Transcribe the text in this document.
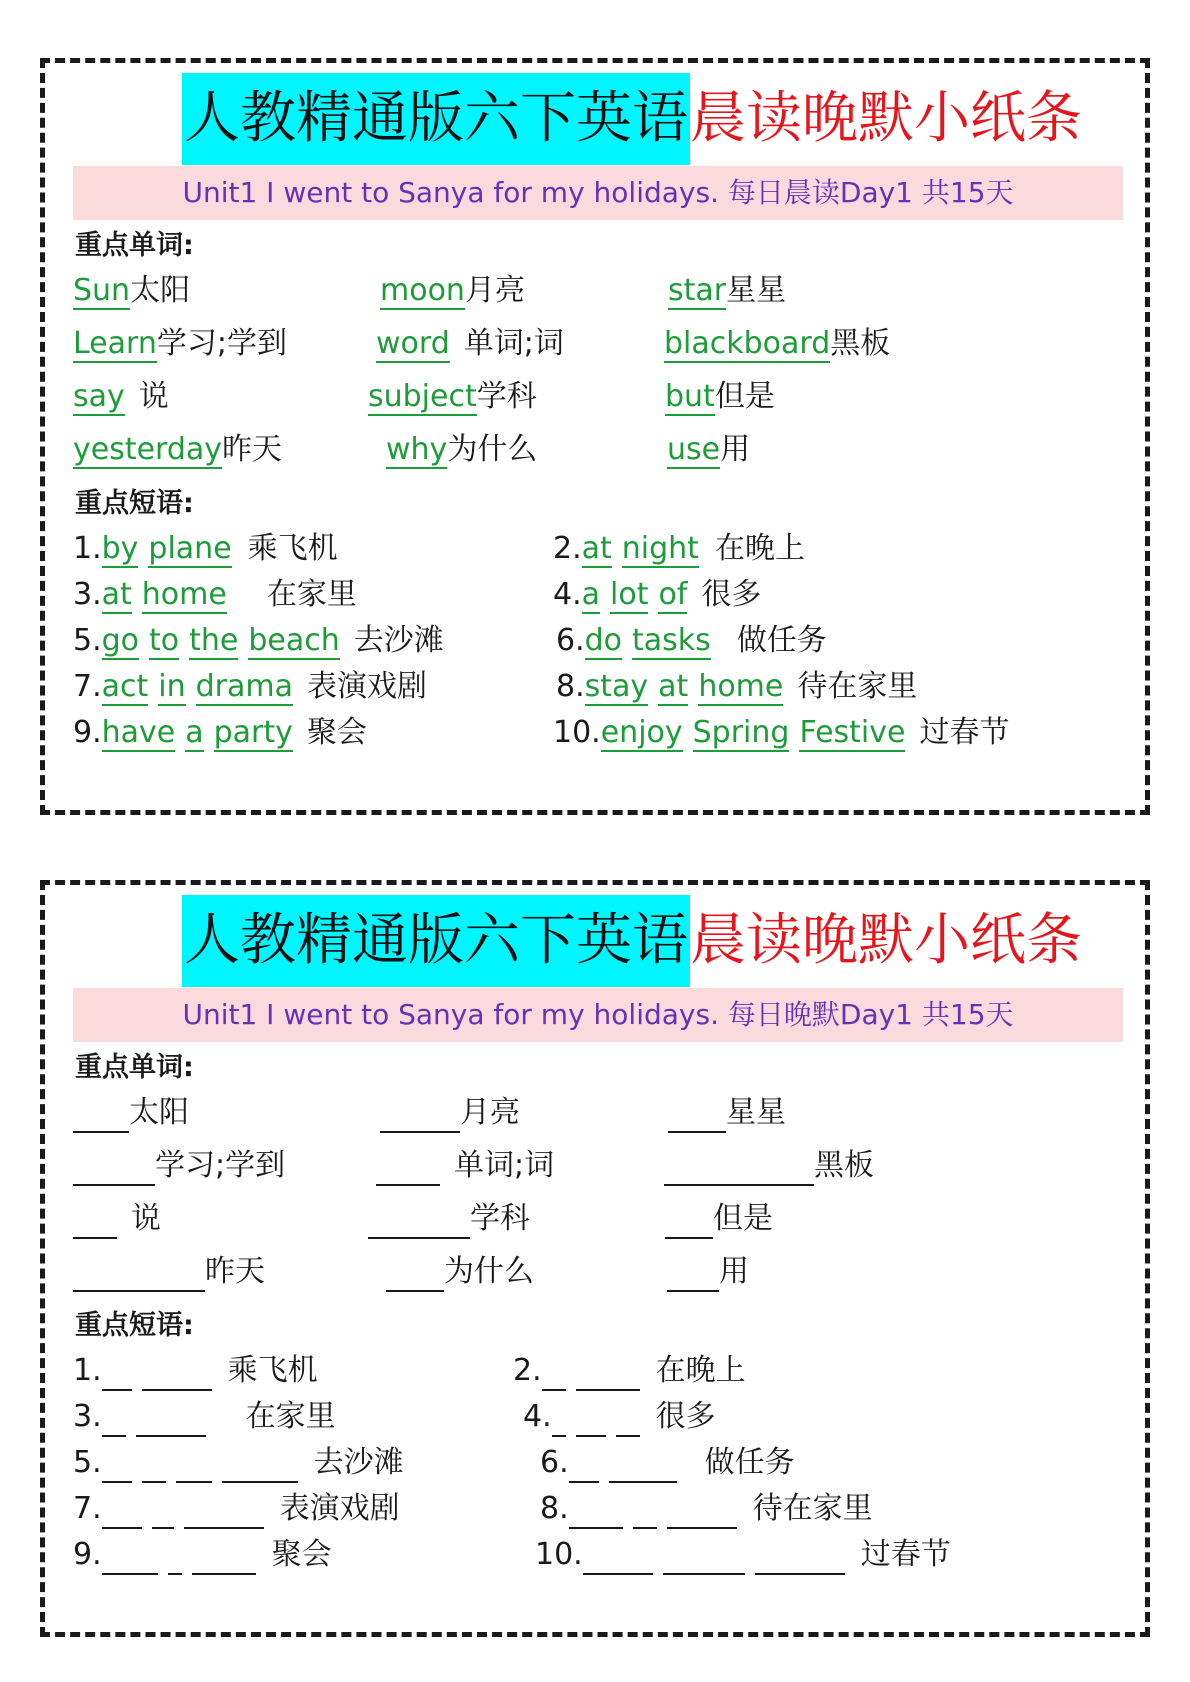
人教精通版六下英语 晨读晚默小纸条
Unit1 I went to Sanya for my holidays. 每日晨读Day1 共15天
重点单词:
Sun太阳	moon月亮	star星星
Learn学习;学到	word 单词;词	blackboard黑板
say 说	subject学科	but但是
yesterday昨天	why为什么	use用
重点短语:
1.by plane 乘飞机	2.at night 在晚上
3.at home 在家里	4.a lot of 很多
5.go to the beach 去沙滩	6.do tasks 做任务
7.act in drama 表演戏剧	8.stay at home 待在家里
9.have a party 聚会	10.enjoy Spring Festive 过春节
人教精通版六下英语 晨读晚默小纸条
Unit1 I went to Sanya for my holidays. 每日晚默Day1 共15天
重点单词:
太阳	月亮	星星
学习;学到	单词;词	黑板
说	学科	但是
昨天	为什么	用
重点短语:
1.	乘飞机	2.	在晚上
3.	在家里	4.	很多
5.	去沙滩	6.	做任务
7.	表演戏剧	8.	待在家里
9.	聚会	10.	过春节
